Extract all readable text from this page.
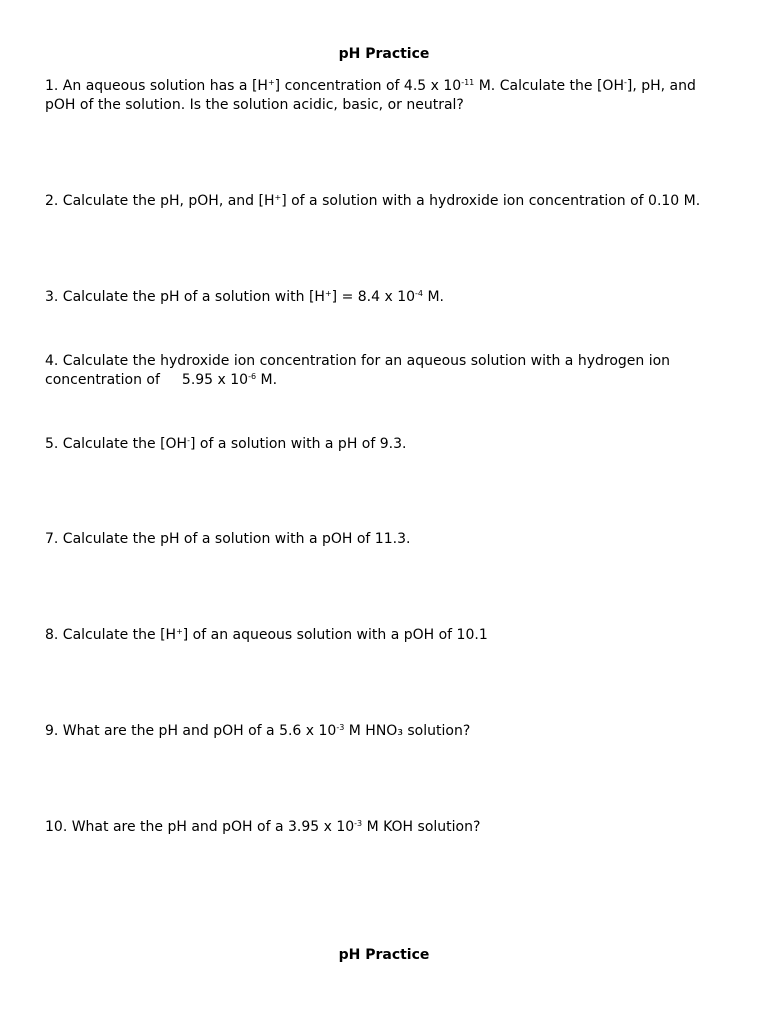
pH Practice

1. An aqueous solution has a [H+] concentration of 4.5 x $10^{-11}$ M. Calculate the [OH-], pH, and pOH of the solution. Is the solution acidic, basic, or neutral?

2. Calculate the pH, pOH, and [H+] of a solution with a hydroxide ion concentration of 0.10 M.

3. Calculate the pH of a solution with [H+] = 8.4 x $10^{-4}$ M.

4. Calculate the hydroxide ion concentration for an aqueous solution with a hydrogen ion concentration of 5.95 x $10^{-6}$ M.

5. Calculate the [OH-] of a solution with a pH of 9.3.

7. Calculate the pH of a solution with a pOH of 11.3.

8. Calculate the [H+] of an aqueous solution with a pOH of 10.1

9. What are the pH and pOH of a 5.6 x $10^{-3}$ M HNO₃ solution?

10. What are the pH and pOH of a 3.95 x $10^{-3}$ M KOH solution?

pH Practice
